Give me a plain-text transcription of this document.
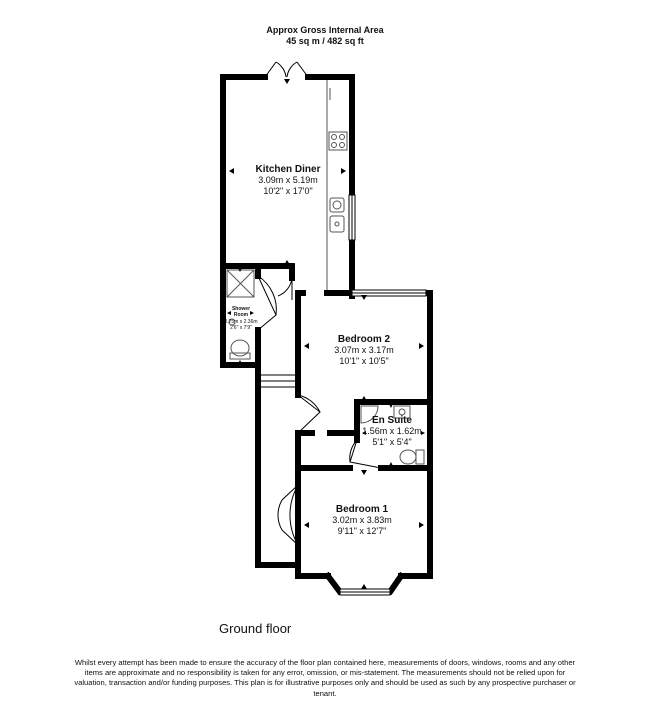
Approx Gross Internal Area
45 sq m / 482 sq ft
Kitchen Diner
3.09m x 5.19m
10'2" x 17'0"
Shower
Room
0.75m x 2.36m
2'6" x 7'9"
Bedroom 2
3.07m x 3.17m
10'1" x 10'5"
En Suite
1.56m x 1.62m
5'1" x 5'4"
Bedroom 1
3.02m x 3.83m
9'11" x 12'7"
Ground floor
Whilst every attempt has been made to ensure the accuracy of the floor plan contained here, measurements of doors, windows, rooms and any other items are approximate and no responsibility is taken for any error, omission, or mis-statement. The measurements should not be relied upon for valuation, transaction and/or funding purposes. This plan is for illustrative purposes only and should be used as such by any prospective purchaser or tenant.
